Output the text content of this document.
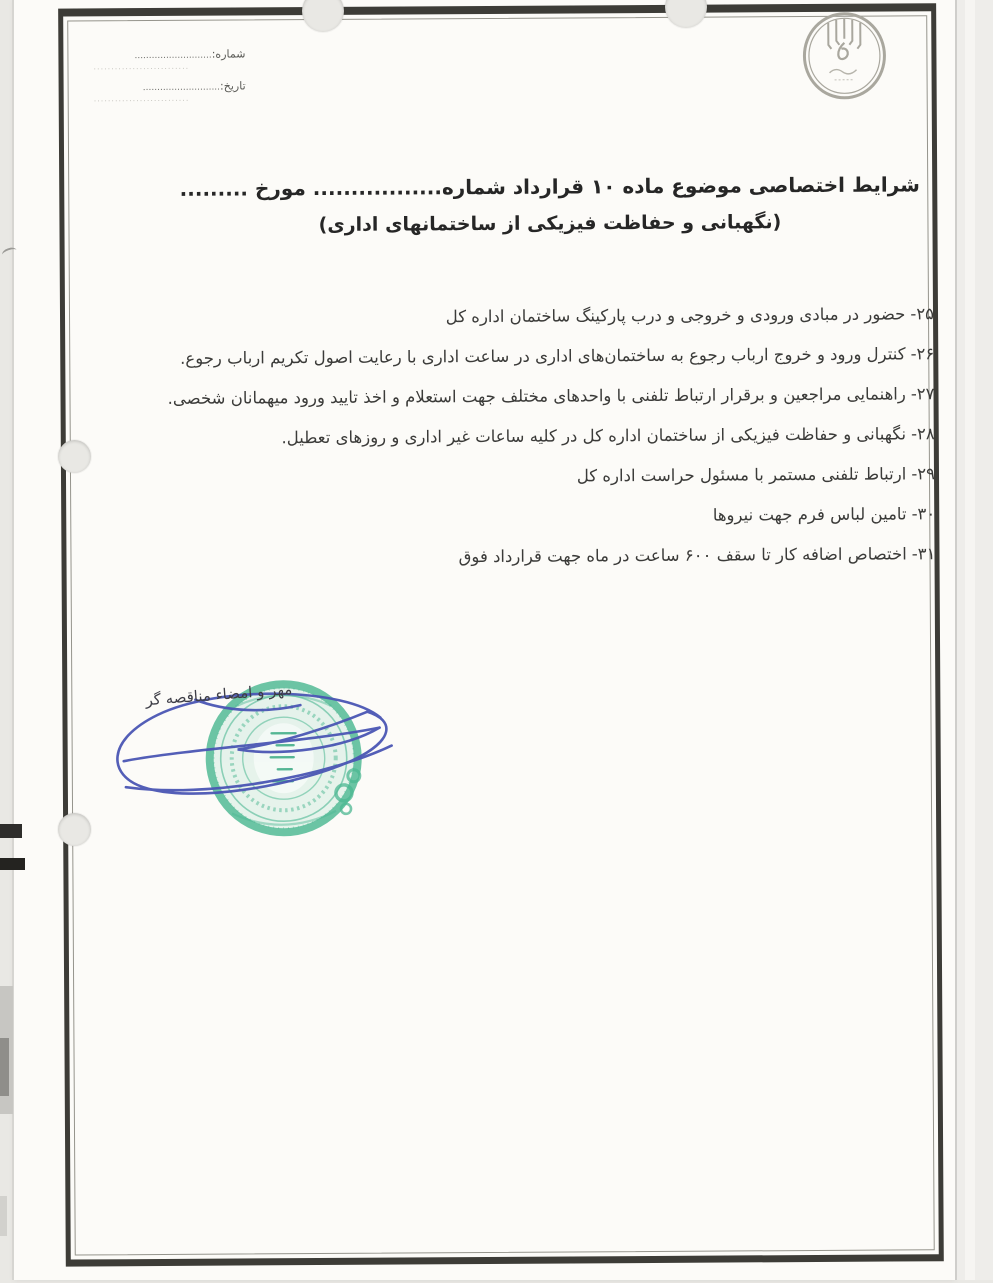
شماره:...........................
...........................
تاریخ:...........................
...........................
شرایط اختصاصی موضوع ماده ۱۰ قرارداد شماره................. مورخ .........
(نگهبانی و حفاظت فیزیکی از ساختمانهای اداری)
۲۵-حضور در مبادی ورودی و خروجی و درب پارکینگ ساختمان اداره کل
۲۶-کنترل ورود و خروج ارباب رجوع به ساختمان‌های اداری در ساعت اداری با رعایت اصول تکریم ارباب رجوع.
۲۷-راهنمایی مراجعین و برقرار ارتباط تلفنی با واحدهای مختلف جهت استعلام و اخذ تایید ورود میهمانان شخصی.
۲۸-نگهبانی و حفاظت فیزیکی از ساختمان اداره کل در کلیه ساعات غیر اداری و روزهای تعطیل.
۲۹-ارتباط تلفنی مستمر با مسئول حراست اداره کل
۳۰-تامین لباس فرم جهت نیروها
۳۱-اختصاص اضافه کار تا سقف ۶۰۰ ساعت در ماه جهت قرارداد فوق
مهر و امضاء مناقصه گر
